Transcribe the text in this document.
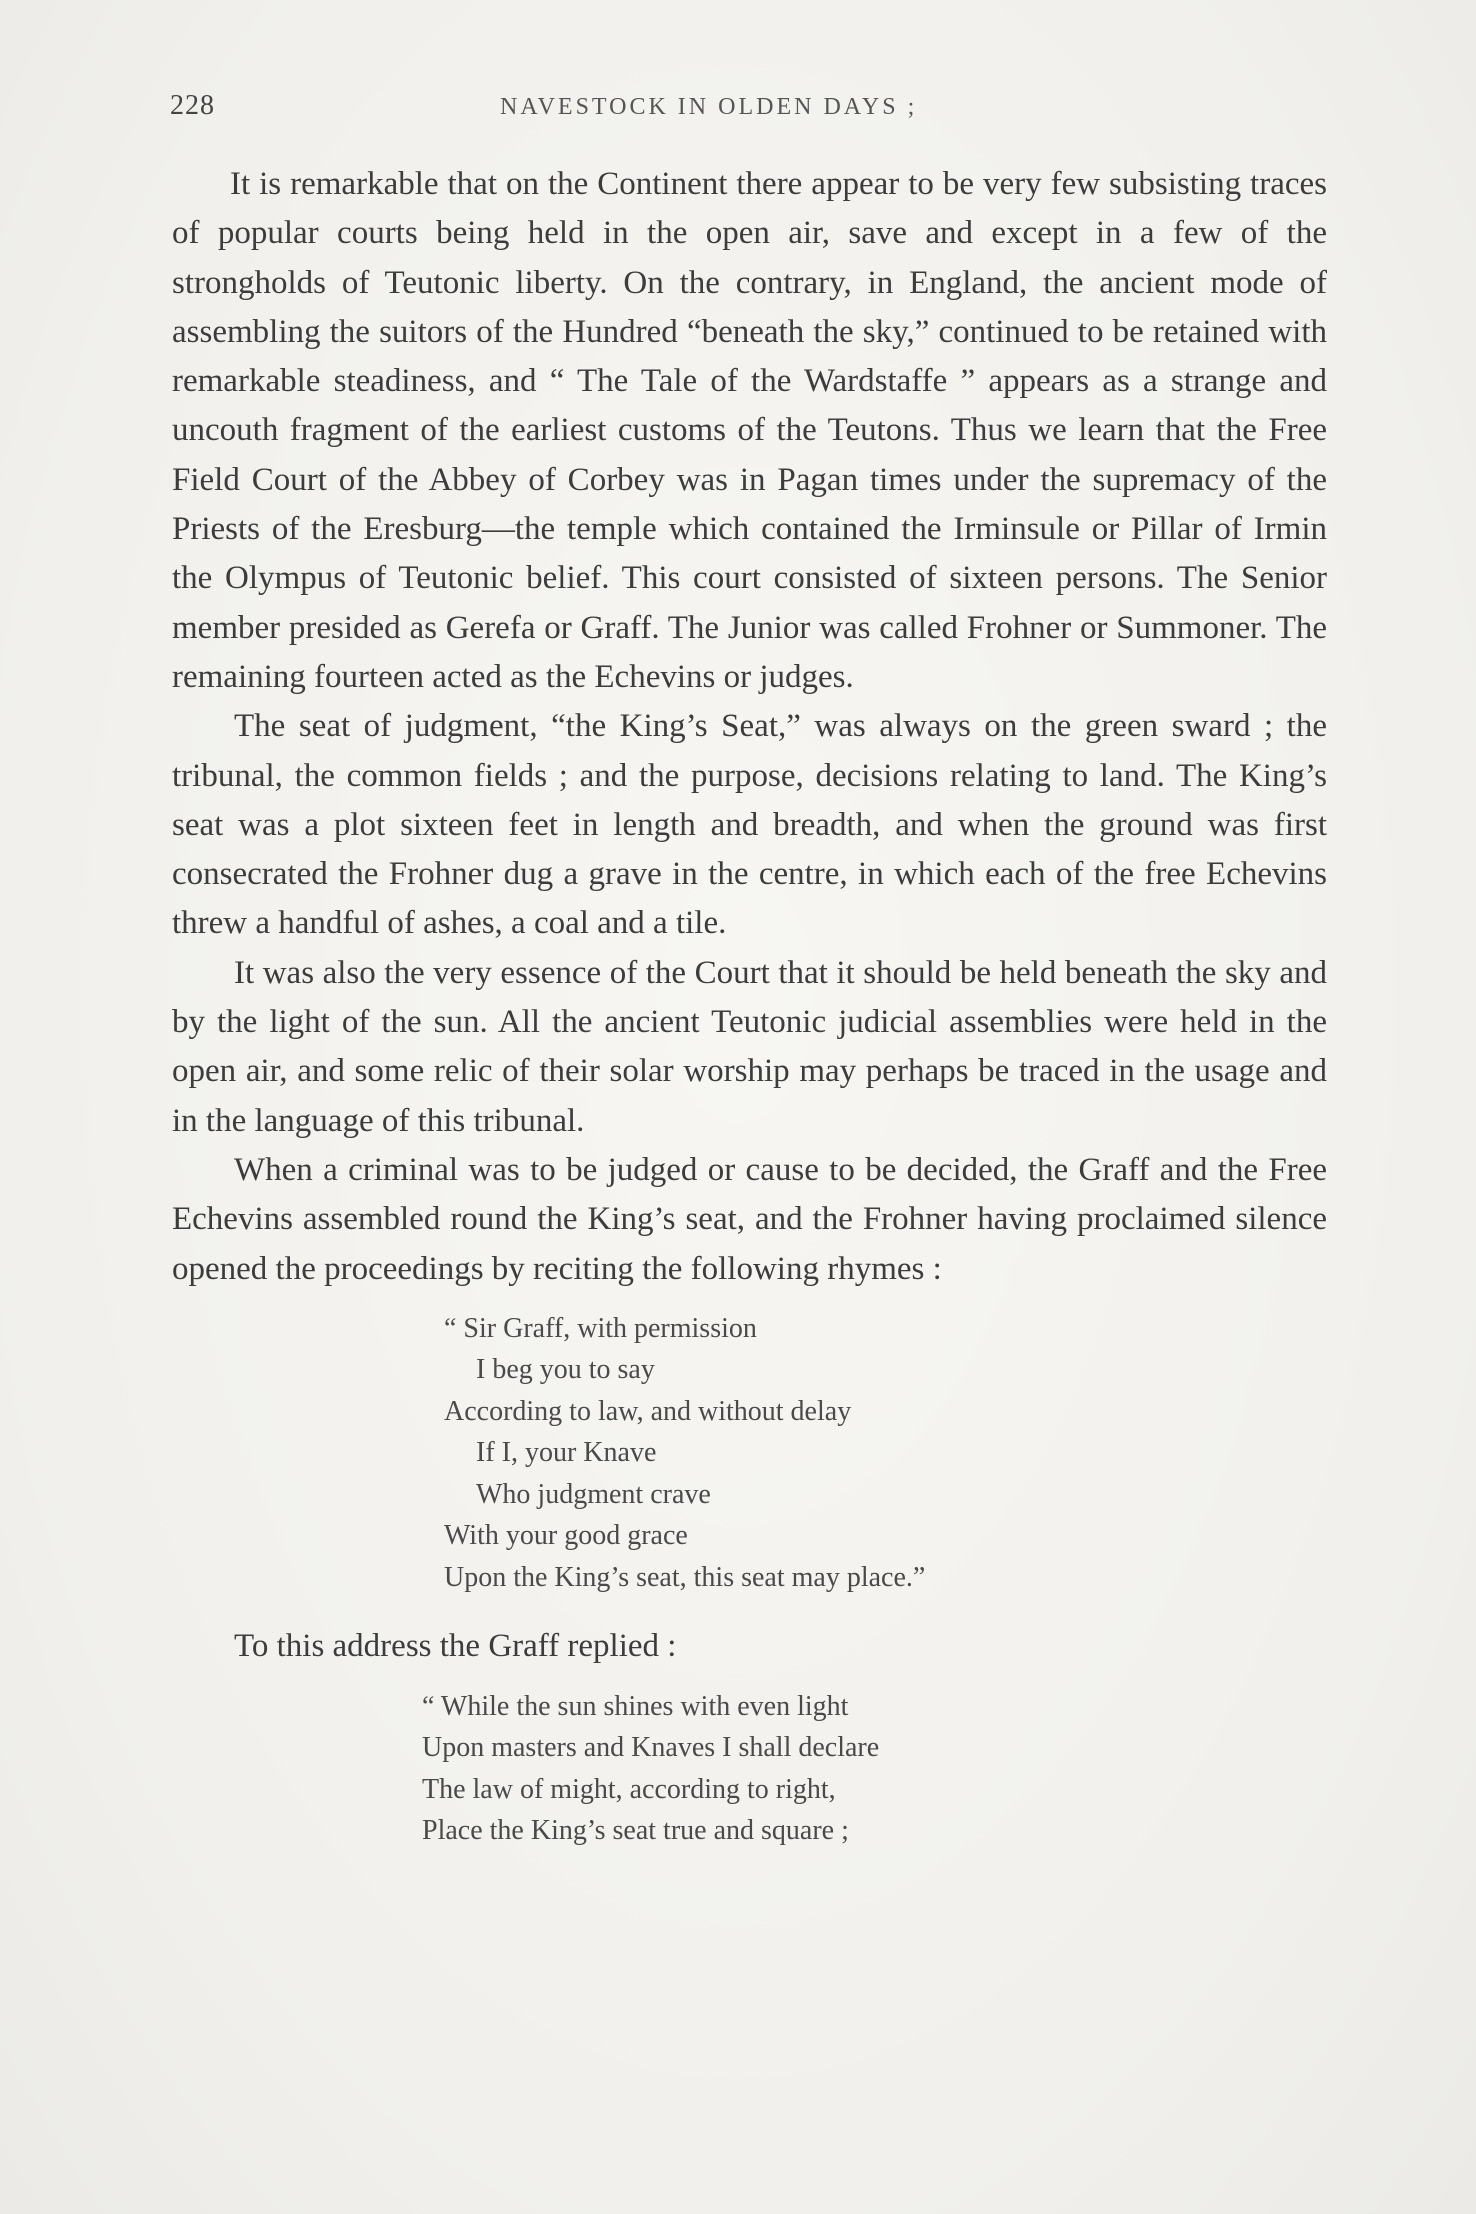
228	NAVESTOCK IN OLDEN DAYS ;

It is remarkable that on the Continent there appear to be very few subsisting traces of popular courts being held in the open air, save and except in a few of the strongholds of Teutonic liberty. On the contrary, in England, the ancient mode of assembling the suitors of the Hundred “beneath the sky,” continued to be retained with remarkable steadiness, and “ The Tale of the Wardstaffe ” appears as a strange and uncouth fragment of the earliest customs of the Teutons. Thus we learn that the Free Field Court of the Abbey of Corbey was in Pagan times under the supremacy of the Priests of the Eresburg—the temple which contained the Irminsule or Pillar of Irmin the Olympus of Teutonic belief. This court consisted of sixteen persons. The Senior member presided as Gerefa or Graff. The Junior was called Frohner or Summoner. The remaining fourteen acted as the Echevins or judges.

The seat of judgment, “the King’s Seat,” was always on the green sward ; the tribunal, the common fields ; and the purpose, decisions relating to land. The King’s seat was a plot sixteen feet in length and breadth, and when the ground was first consecrated the Frohner dug a grave in the centre, in which each of the free Echevins threw a handful of ashes, a coal and a tile.

It was also the very essence of the Court that it should be held beneath the sky and by the light of the sun. All the ancient Teutonic judicial assemblies were held in the open air, and some relic of their solar worship may perhaps be traced in the usage and in the language of this tribunal.

When a criminal was to be judged or cause to be decided, the Graff and the Free Echevins assembled round the King’s seat, and the Frohner having proclaimed silence opened the proceedings by reciting the following rhymes :

“ Sir Graff, with permission
I beg you to say
According to law, and without delay
If I, your Knave
Who judgment crave
With your good grace
Upon the King’s seat, this seat may place.”
To this address the Graff replied :
“ While the sun shines with even light
Upon masters and Knaves I shall declare
The law of might, according to right,
Place the King’s seat true and square ;
